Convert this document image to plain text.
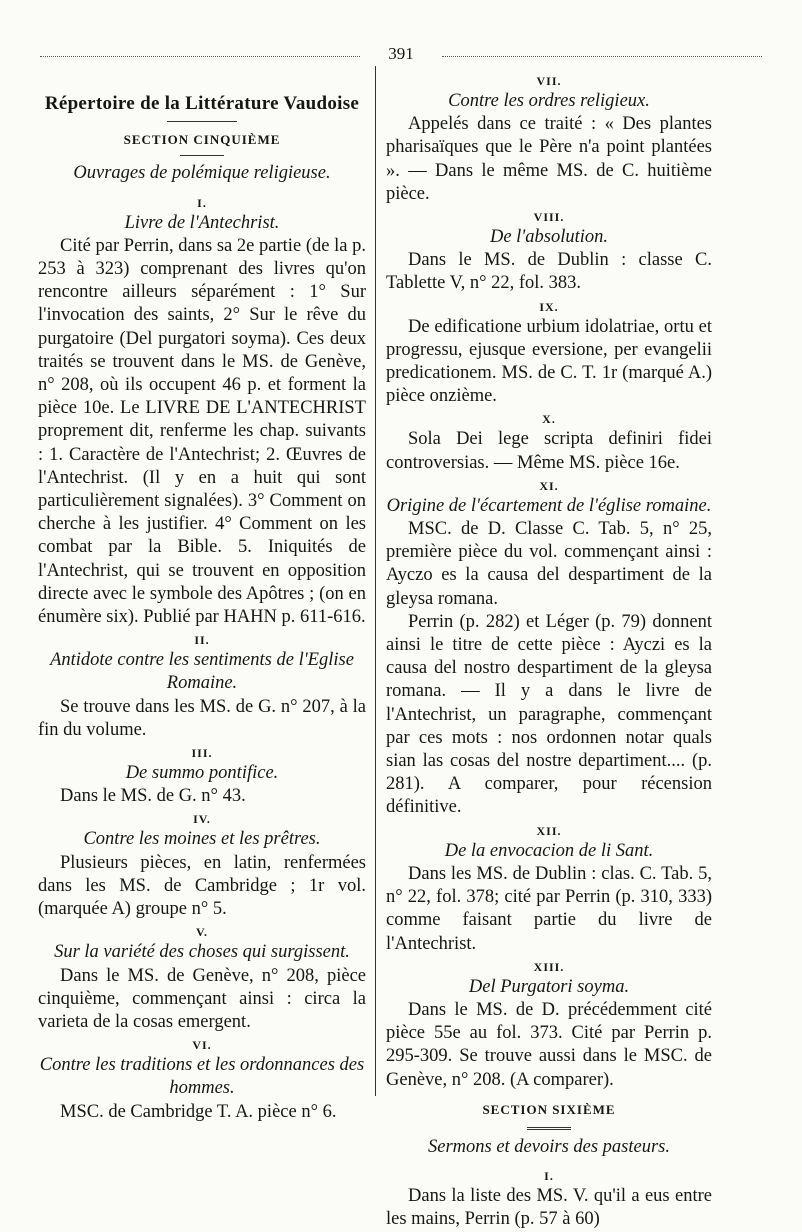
391
Répertoire de la Littérature Vaudoise
SECTION CINQUIÈME
Ouvrages de polémique religieuse.
I.
Livre de l'Antechrist.

Cité par Perrin, dans sa 2e partie (de la p. 253 à 323) comprenant des livres qu'on rencontre ailleurs séparément : 1° Sur l'invocation des saints, 2° Sur le rêve du purgatoire (Del purgatori soyma). Ces deux traités se trouvent dans le MS. de Genève, n° 208, où ils occupent 46 p. et forment la pièce 10e. Le LIVRE DE L'ANTECHRIST proprement dit, renferme les chap. suivants : 1. Caractère de l'Antechrist; 2. Œuvres de l'Antechrist. (Il y en a huit qui sont particulièrement signalées). 3° Comment on cherche à les justifier. 4° Comment on les combat par la Bible. 5. Iniquités de l'Antechrist, qui se trouvent en opposition directe avec le symbole des Apôtres ; (on en énumère six). Publié par HAHN p. 611-616.

II.
Antidote contre les sentiments de l'Eglise Romaine.

Se trouve dans les MS. de G. n° 207, à la fin du volume.

III.
De summo pontifice.

Dans le MS. de G. n° 43.

IV.
Contre les moines et les prêtres.

Plusieurs pièces, en latin, renfermées dans les MS. de Cambridge ; 1r vol. (marquée A) groupe n° 5.

V.
Sur la variété des choses qui surgissent.

Dans le MS. de Genève, n° 208, pièce cinquième, commençant ainsi : circa la varieta de la cosas emergent.

VI.
Contre les traditions et les ordonnances des hommes.

MSC. de Cambridge T. A. pièce n° 6.

VII.
Contre les ordres religieux.

Appelés dans ce traité : « Des plantes pharisaïques que le Père n'a point plantées ». — Dans le même MS. de C. huitième pièce.

VIII.
De l'absolution.

Dans le MS. de Dublin : classe C. Tablette V, n° 22, fol. 383.

IX.

De edificatione urbium idolatriae, ortu et progressu, ejusque eversione, per evangelii predicationem. MS. de C. T. 1r (marqué A.) pièce onzième.

X.

Sola Dei lege scripta definiri fidei controversias. — Même MS. pièce 16e.

XI.
Origine de l'écartement de l'église romaine.

MSC. de D. Classe C. Tab. 5, n° 25, première pièce du vol. commençant ainsi : Ayczo es la causa del despartiment de la gleysa romana.

Perrin (p. 282) et Léger (p. 79) donnent ainsi le titre de cette pièce : Ayczi es la causa del nostro despartiment de la gleysa romana. — Il y a dans le livre de l'Antechrist, un paragraphe, commençant par ces mots : nos ordonnen notar quals sian las cosas del nostre departiment.... (p. 281). A comparer, pour récension définitive.

XII.
De la envocacion de li Sant.

Dans les MS. de Dublin : clas. C. Tab. 5, n° 22, fol. 378; cité par Perrin (p. 310, 333) comme faisant partie du livre de l'Antechrist.

XIII.
Del Purgatori soyma.

Dans le MS. de D. précédemment cité pièce 55e au fol. 373. Cité par Perrin p. 295-309. Se trouve aussi dans le MSC. de Genève, n° 208. (A comparer).

SECTION SIXIÈME
Sermons et devoirs des pasteurs.
I.

Dans la liste des MS. V. qu'il a eus entre les mains, Perrin (p. 57 à 60)
